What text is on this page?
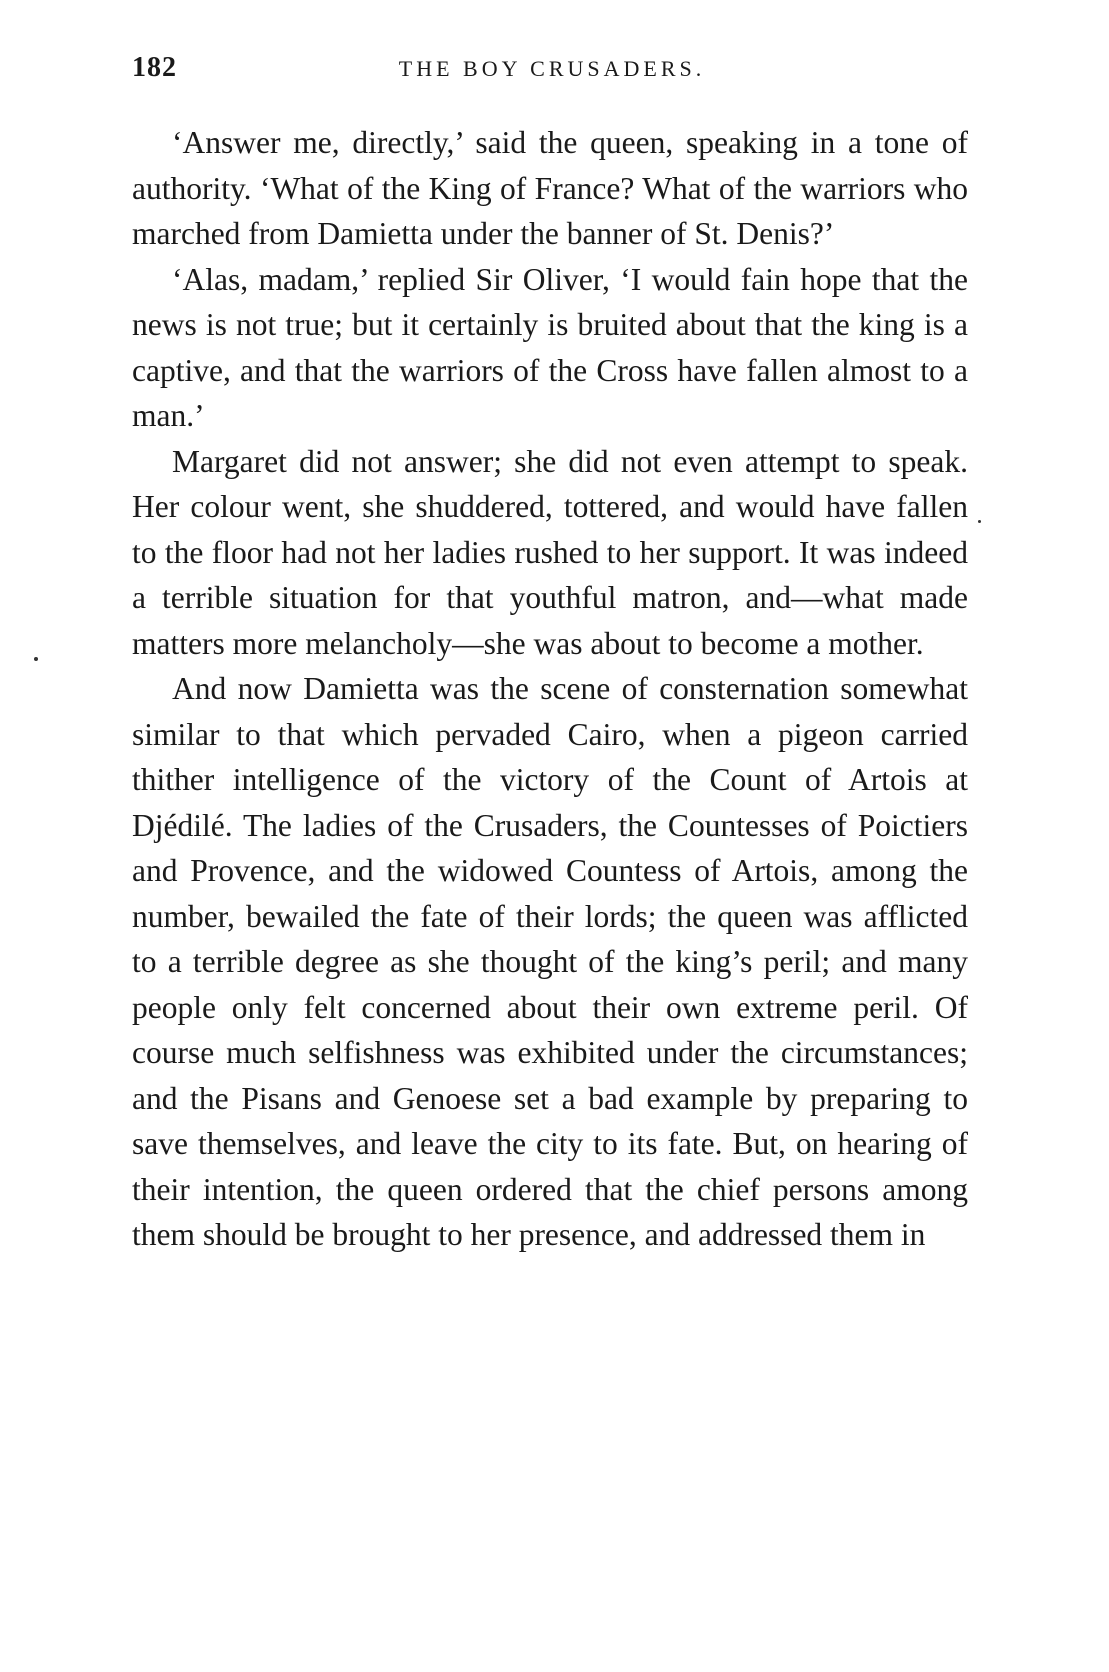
182	THE BOY CRUSADERS.

‘Answer me, directly,’ said the queen, speaking in a tone of authority. ‘What of the King of France? What of the warriors who marched from Damietta under the banner of St. Denis?’

‘Alas, madam,’ replied Sir Oliver, ‘I would fain hope that the news is not true; but it certainly is bruited about that the king is a captive, and that the warriors of the Cross have fallen almost to a man.’

Margaret did not answer; she did not even attempt to speak. Her colour went, she shuddered, tottered, and would have fallen to the floor had not her ladies rushed to her support. It was indeed a terrible situation for that youthful matron, and—what made matters more melancholy—she was about to become a mother.

And now Damietta was the scene of consternation somewhat similar to that which pervaded Cairo, when a pigeon carried thither intelligence of the victory of the Count of Artois at Djédilé. The ladies of the Crusaders, the Countesses of Poictiers and Provence, and the widowed Countess of Artois, among the number, bewailed the fate of their lords; the queen was afflicted to a terrible degree as she thought of the king’s peril; and many people only felt concerned about their own extreme peril. Of course much selfishness was exhibited under the circumstances; and the Pisans and Genoese set a bad example by preparing to save themselves, and leave the city to its fate. But, on hearing of their intention, the queen ordered that the chief persons among them should be brought to her presence, and addressed them in
